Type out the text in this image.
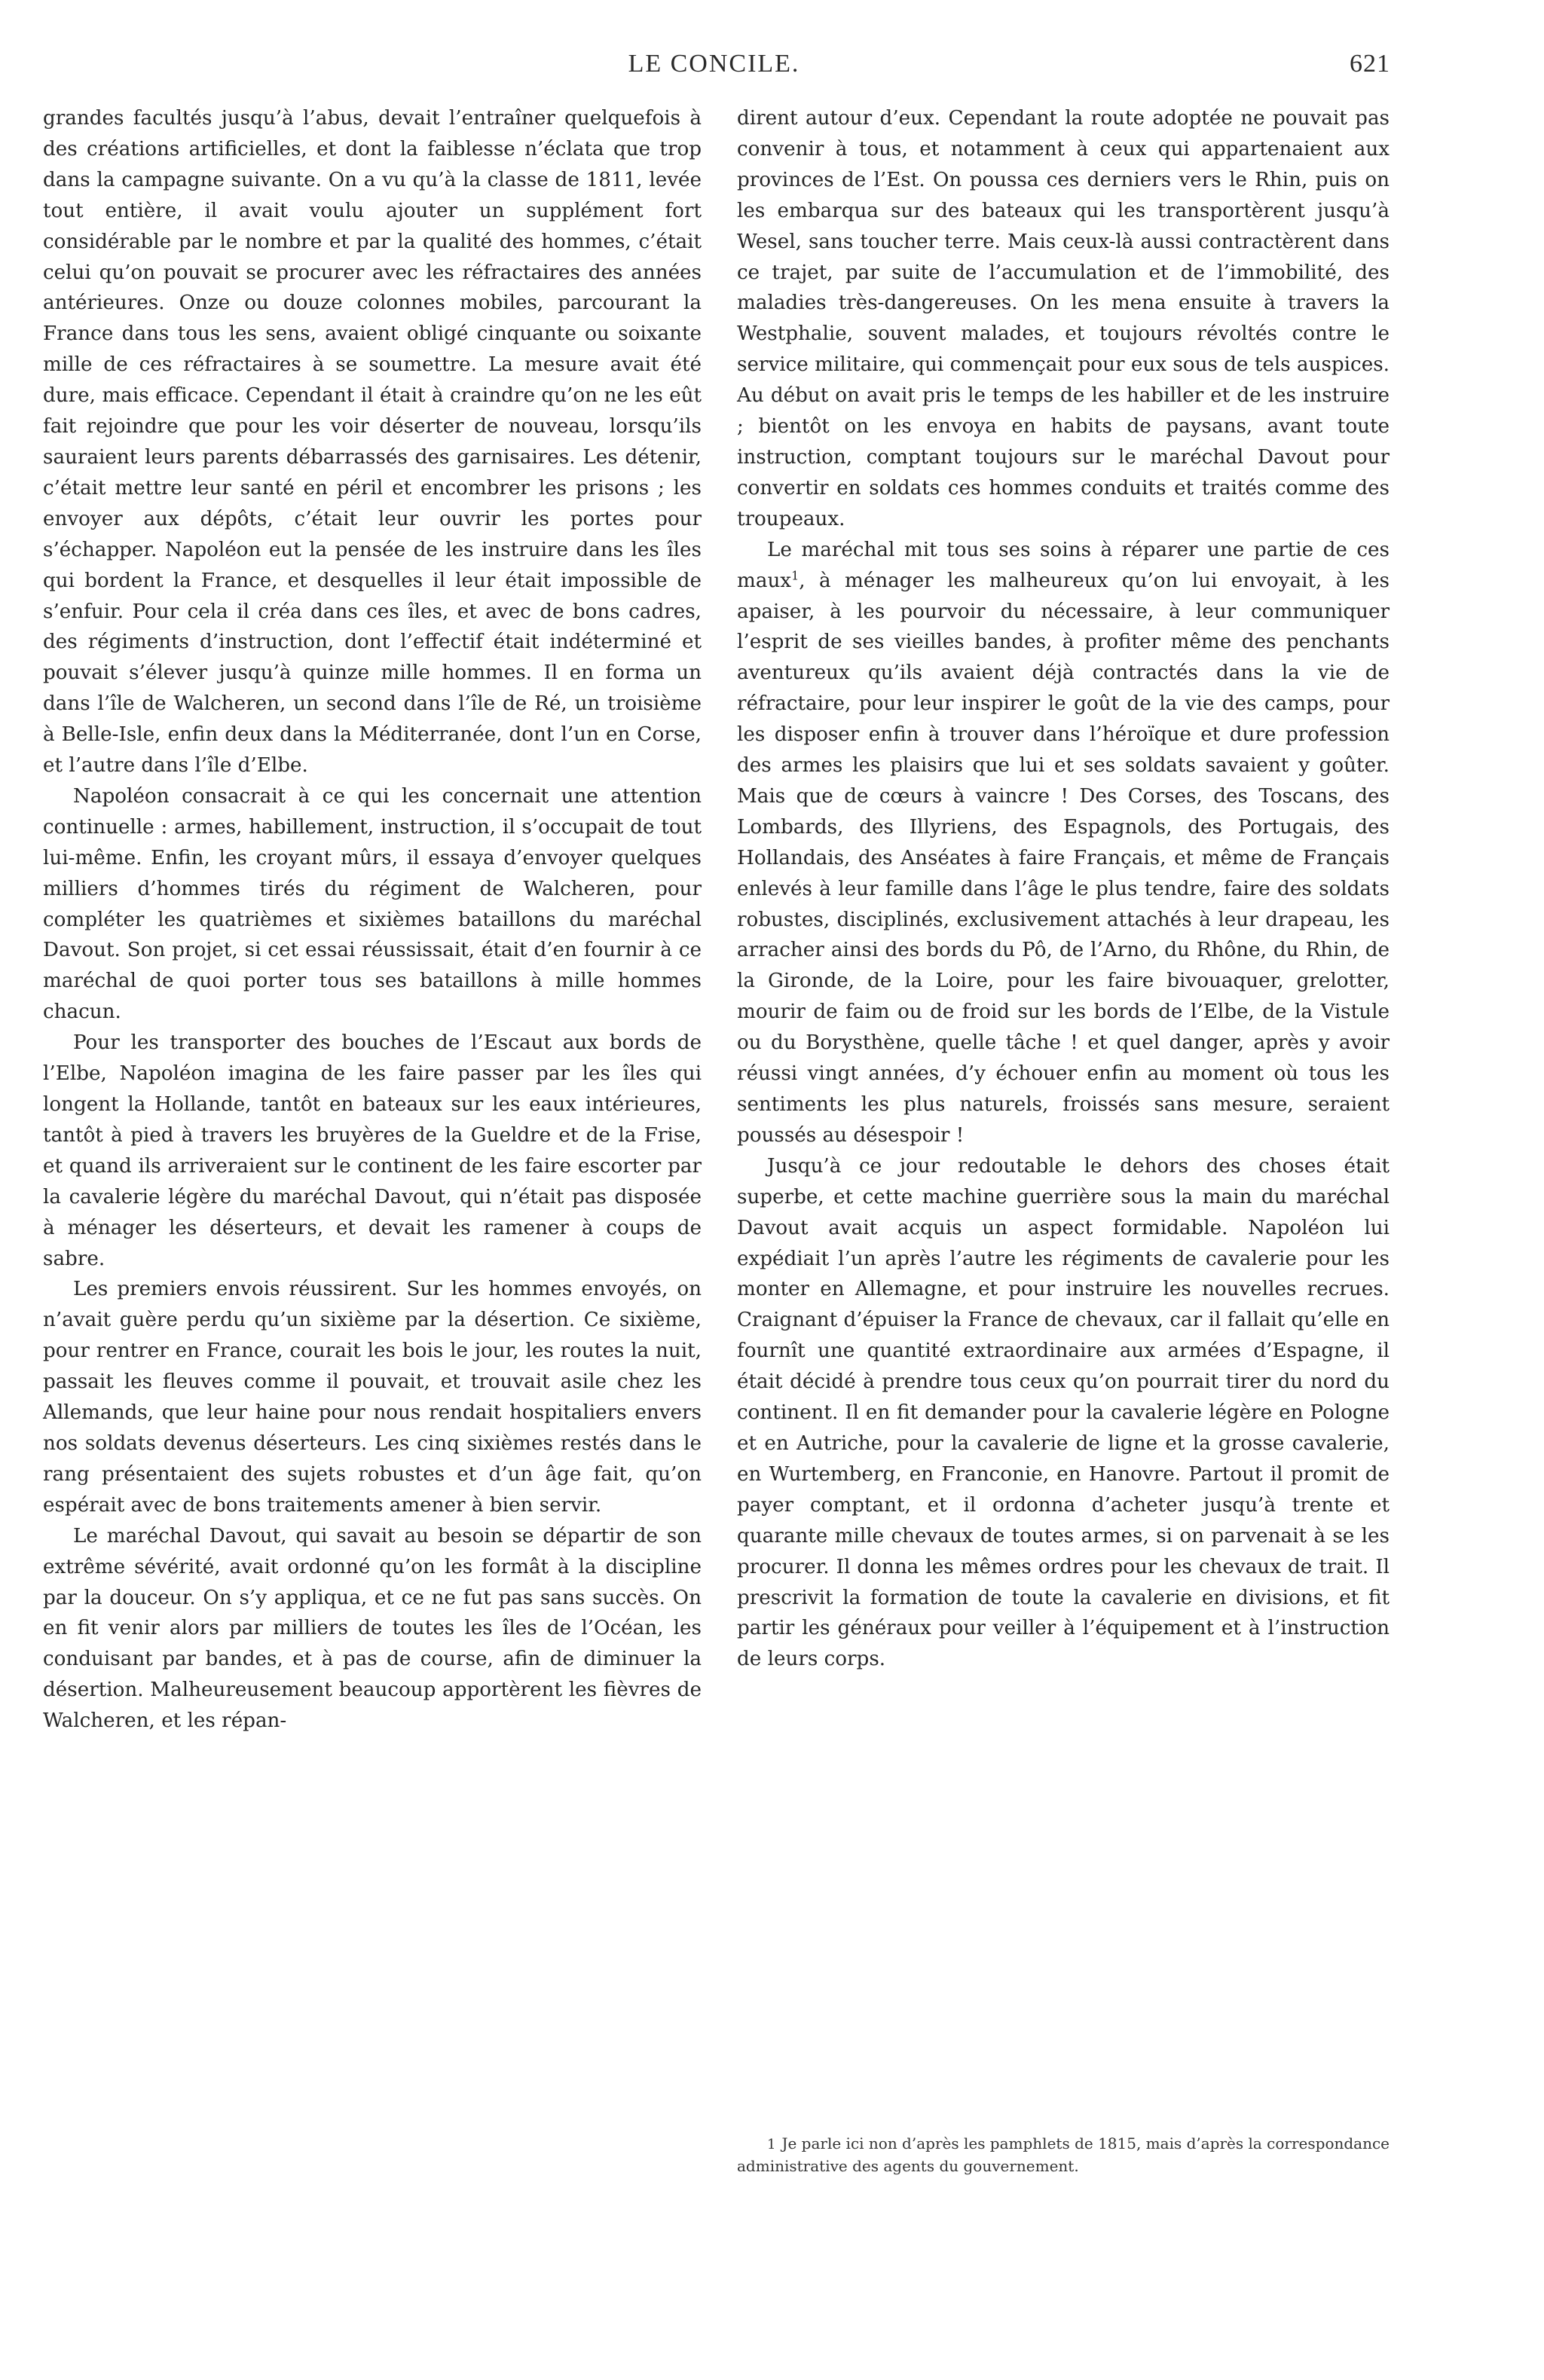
LE CONCILE.	621

grandes facultés jusqu’à l’abus, devait l’entraîner quelquefois à des créations artificielles, et dont la faiblesse n’éclata que trop dans la campagne suivante. On a vu qu’à la classe de 1811, levée tout entière, il avait voulu ajouter un supplément fort considérable par le nombre et par la qualité des hommes, c’était celui qu’on pouvait se procurer avec les réfractaires des années antérieures. Onze ou douze colonnes mobiles, parcourant la France dans tous les sens, avaient obligé cinquante ou soixante mille de ces réfractaires à se soumettre. La mesure avait été dure, mais efficace. Cependant il était à craindre qu’on ne les eût fait rejoindre que pour les voir déserter de nouveau, lorsqu’ils sauraient leurs parents débarrassés des garnisaires. Les détenir, c’était mettre leur santé en péril et encombrer les prisons ; les envoyer aux dépôts, c’était leur ouvrir les portes pour s’échapper. Napoléon eut la pensée de les instruire dans les îles qui bordent la France, et desquelles il leur était impossible de s’enfuir. Pour cela il créa dans ces îles, et avec de bons cadres, des régiments d’instruction, dont l’effectif était indéterminé et pouvait s’élever jusqu’à quinze mille hommes. Il en forma un dans l’île de Walcheren, un second dans l’île de Ré, un troisième à Belle-Isle, enfin deux dans la Méditerranée, dont l’un en Corse, et l’autre dans l’île d’Elbe.

Napoléon consacrait à ce qui les concernait une attention continuelle : armes, habillement, instruction, il s’occupait de tout lui-même. Enfin, les croyant mûrs, il essaya d’envoyer quelques milliers d’hommes tirés du régiment de Walcheren, pour compléter les quatrièmes et sixièmes bataillons du maréchal Davout. Son projet, si cet essai réussissait, était d’en fournir à ce maréchal de quoi porter tous ses bataillons à mille hommes chacun.

Pour les transporter des bouches de l’Escaut aux bords de l’Elbe, Napoléon imagina de les faire passer par les îles qui longent la Hollande, tantôt en bateaux sur les eaux intérieures, tantôt à pied à travers les bruyères de la Gueldre et de la Frise, et quand ils arriveraient sur le continent de les faire escorter par la cavalerie légère du maréchal Davout, qui n’était pas disposée à ménager les déserteurs, et devait les ramener à coups de sabre.

Les premiers envois réussirent. Sur les hommes envoyés, on n’avait guère perdu qu’un sixième par la désertion. Ce sixième, pour rentrer en France, courait les bois le jour, les routes la nuit, passait les fleuves comme il pouvait, et trouvait asile chez les Allemands, que leur haine pour nous rendait hospitaliers envers nos soldats devenus déserteurs. Les cinq sixièmes restés dans le rang présentaient des sujets robustes et d’un âge fait, qu’on espérait avec de bons traitements amener à bien servir.

Le maréchal Davout, qui savait au besoin se départir de son extrême sévérité, avait ordonné qu’on les formât à la discipline par la douceur. On s’y appliqua, et ce ne fut pas sans succès. On en fit venir alors par milliers de toutes les îles de l’Océan, les conduisant par bandes, et à pas de course, afin de diminuer la désertion. Malheureusement beaucoup apportèrent les fièvres de Walcheren, et les répan-

dirent autour d’eux. Cependant la route adoptée ne pouvait pas convenir à tous, et notamment à ceux qui appartenaient aux provinces de l’Est. On poussa ces derniers vers le Rhin, puis on les embarqua sur des bateaux qui les transportèrent jusqu’à Wesel, sans toucher terre. Mais ceux-là aussi contractèrent dans ce trajet, par suite de l’accumulation et de l’immobilité, des maladies très-dangereuses. On les mena ensuite à travers la Westphalie, souvent malades, et toujours révoltés contre le service militaire, qui commençait pour eux sous de tels auspices. Au début on avait pris le temps de les habiller et de les instruire ; bientôt on les envoya en habits de paysans, avant toute instruction, comptant toujours sur le maréchal Davout pour convertir en soldats ces hommes conduits et traités comme des troupeaux.

Le maréchal mit tous ses soins à réparer une partie de ces maux$^1$, à ménager les malheureux qu’on lui envoyait, à les apaiser, à les pourvoir du nécessaire, à leur communiquer l’esprit de ses vieilles bandes, à profiter même des penchants aventureux qu’ils avaient déjà contractés dans la vie de réfractaire, pour leur inspirer le goût de la vie des camps, pour les disposer enfin à trouver dans l’héroïque et dure profession des armes les plaisirs que lui et ses soldats savaient y goûter. Mais que de cœurs à vaincre ! Des Corses, des Toscans, des Lombards, des Illyriens, des Espagnols, des Portugais, des Hollandais, des Anséates à faire Français, et même de Français enlevés à leur famille dans l’âge le plus tendre, faire des soldats robustes, disciplinés, exclusivement attachés à leur drapeau, les arracher ainsi des bords du Pô, de l’Arno, du Rhône, du Rhin, de la Gironde, de la Loire, pour les faire bivouaquer, grelotter, mourir de faim ou de froid sur les bords de l’Elbe, de la Vistule ou du Borysthène, quelle tâche ! et quel danger, après y avoir réussi vingt années, d’y échouer enfin au moment où tous les sentiments les plus naturels, froissés sans mesure, seraient poussés au désespoir !

Jusqu’à ce jour redoutable le dehors des choses était superbe, et cette machine guerrière sous la main du maréchal Davout avait acquis un aspect formidable. Napoléon lui expédiait l’un après l’autre les régiments de cavalerie pour les monter en Allemagne, et pour instruire les nouvelles recrues. Craignant d’épuiser la France de chevaux, car il fallait qu’elle en fournît une quantité extraordinaire aux armées d’Espagne, il était décidé à prendre tous ceux qu’on pourrait tirer du nord du continent. Il en fit demander pour la cavalerie légère en Pologne et en Autriche, pour la cavalerie de ligne et la grosse cavalerie, en Wurtemberg, en Franconie, en Hanovre. Partout il promit de payer comptant, et il ordonna d’acheter jusqu’à trente et quarante mille chevaux de toutes armes, si on parvenait à se les procurer. Il donna les mêmes ordres pour les chevaux de trait. Il prescrivit la formation de toute la cavalerie en divisions, et fit partir les généraux pour veiller à l’équipement et à l’instruction de leurs corps.

1 Je parle ici non d’après les pamphlets de 1815, mais d’après la correspondance administrative des agents du gouvernement.
